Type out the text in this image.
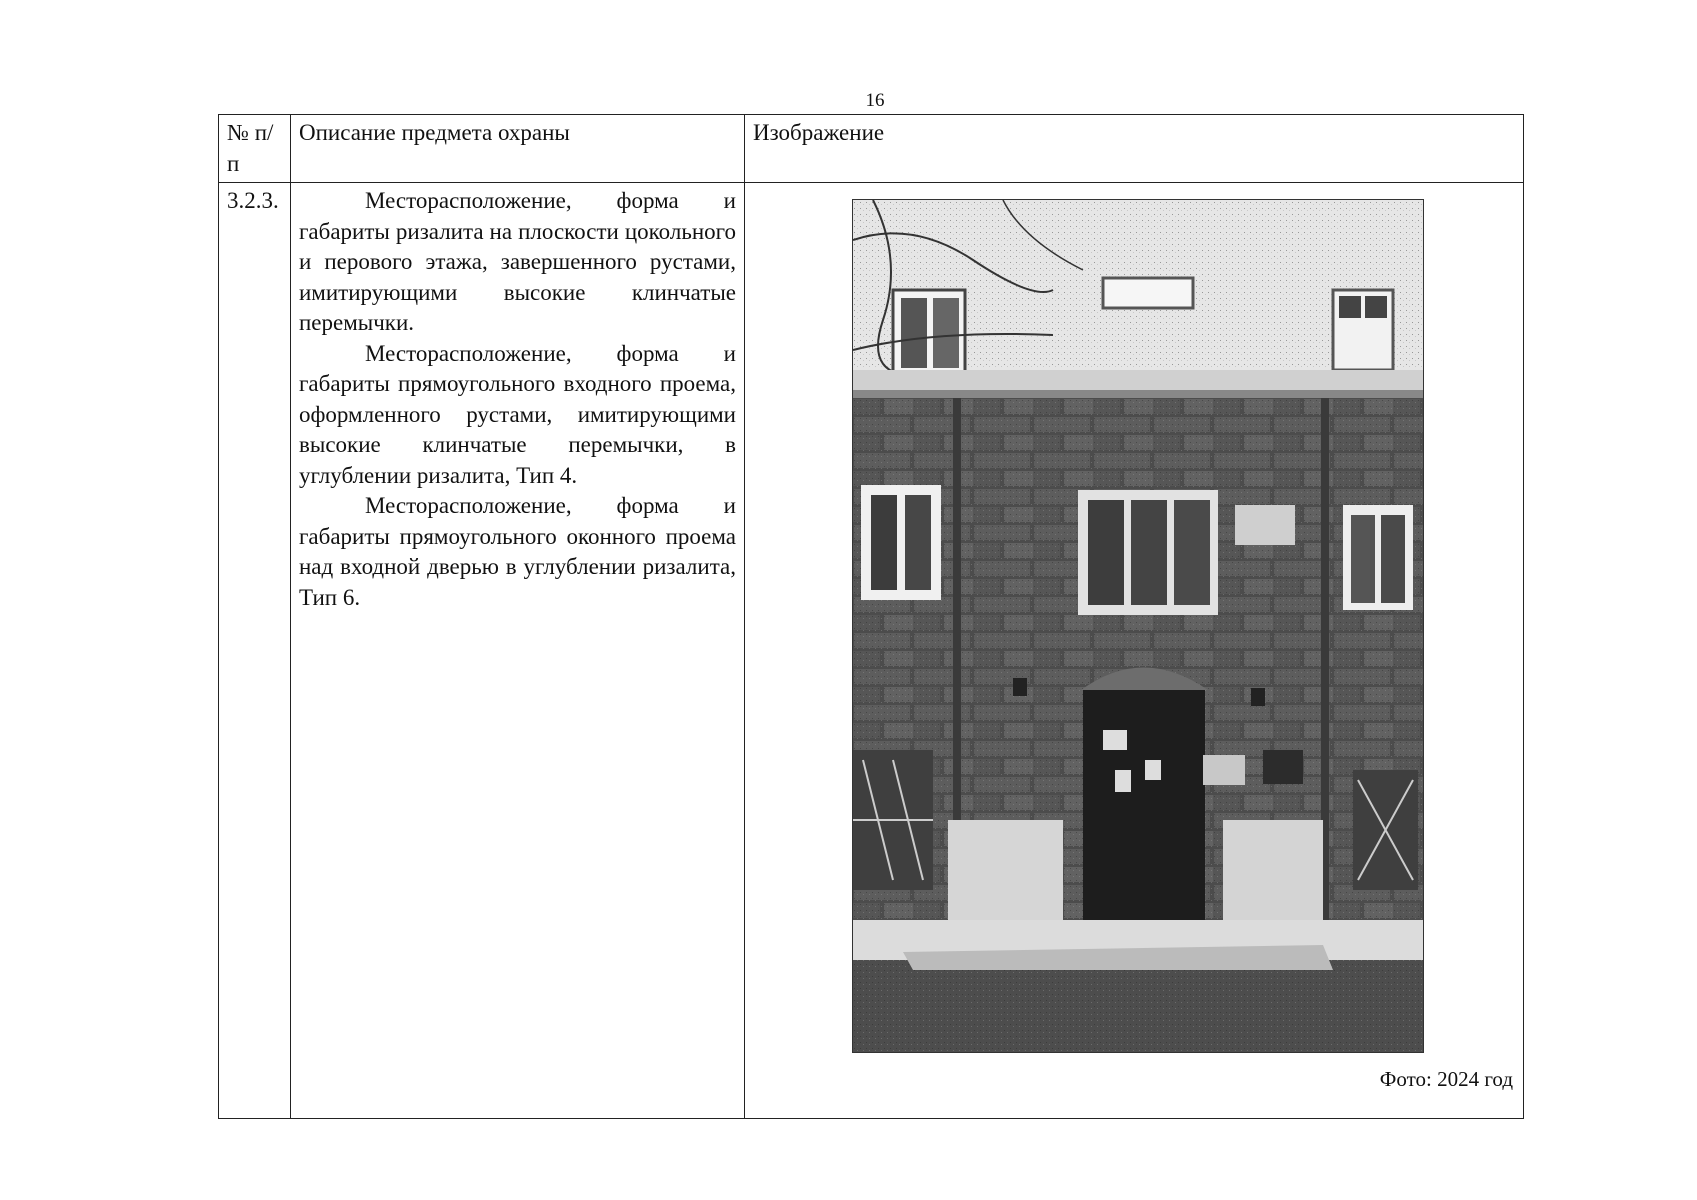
16
№ п/п	Описание предмета охраны	Изображение
3.2.3.	Месторасположение, форма и габариты ризалита на плоскости цокольного и перового этажа, завершенного рустами, имитирующими высокие клинчатые перемычки.

Месторасположение, форма и габариты прямоугольного входного проема, оформленного рустами, имитирующими высокие клинчатые перемычки, в углублении ризалита, Тип 4.

Месторасположение, форма и габариты прямоугольного оконного проема над входной дверью в углублении ризалита, Тип 6.	Фото: 2024 год
